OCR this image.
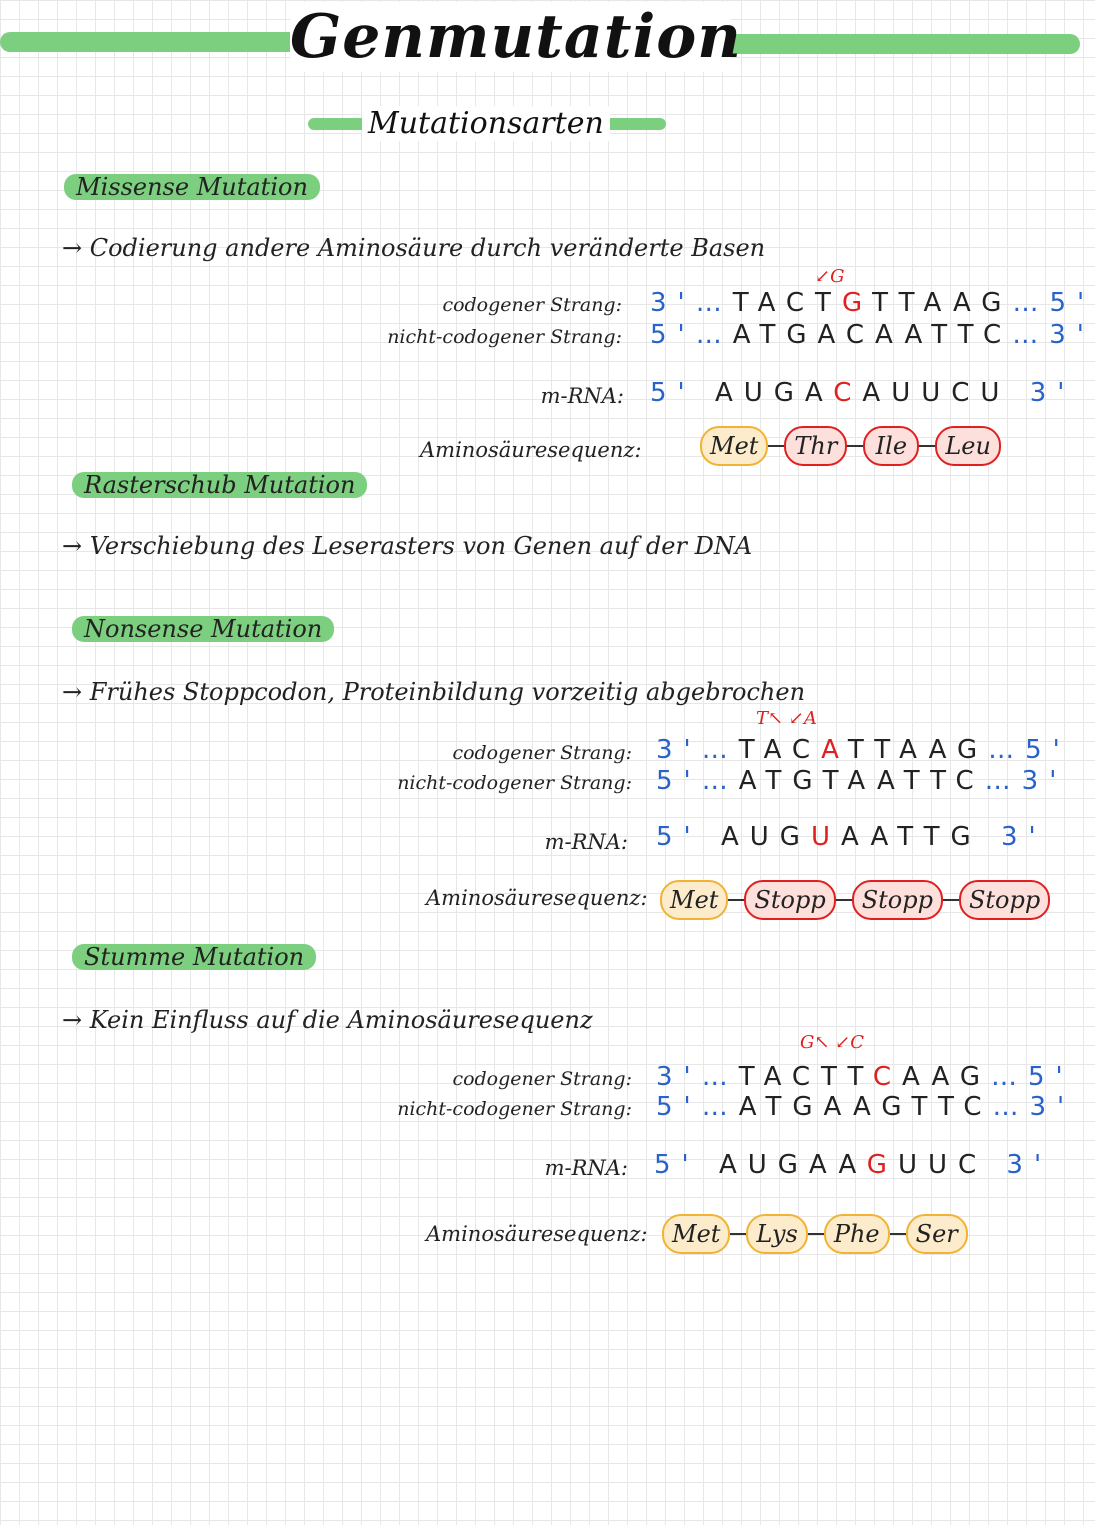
Genmutation
Mutationsarten
Missense Mutation
→ Codierung andere Aminosäure durch veränderte Basen
↙G
codogener Strang: 3'…TACTGTTAAG…5'
nicht-codogener Strang: 5'…ATGACAATTC…3'
m-RNA: 5' AUGACAUUCU 3'
Aminosäuresequenz:	Met	Thr	Ile	Leu
Rasterschub Mutation
→ Verschiebung des Leserasters von Genen auf der DNA
Nonsense Mutation
→ Frühes Stoppcodon, Proteinbildung vorzeitig abgebrochen
T↖ ↙A
codogener Strang: 3'…TACATTAAG…5'
nicht-codogener Strang: 5'…ATGTAATTC…3'
m-RNA: 5' AUGUAATTG 3'
Aminosäuresequenz: Met	Stopp	Stopp	Stopp
Stumme Mutation
→ Kein Einfluss auf die Aminosäuresequenz
G↖ ↙C
codogener Strang: 3'…TACTTCAAG…5'
nicht-codogener Strang: 5'…ATGAAGTTC…3'
m-RNA: 5' AUGAAGUUC 3'
Aminosäuresequenz:	Met	Lys	Phe	Ser
